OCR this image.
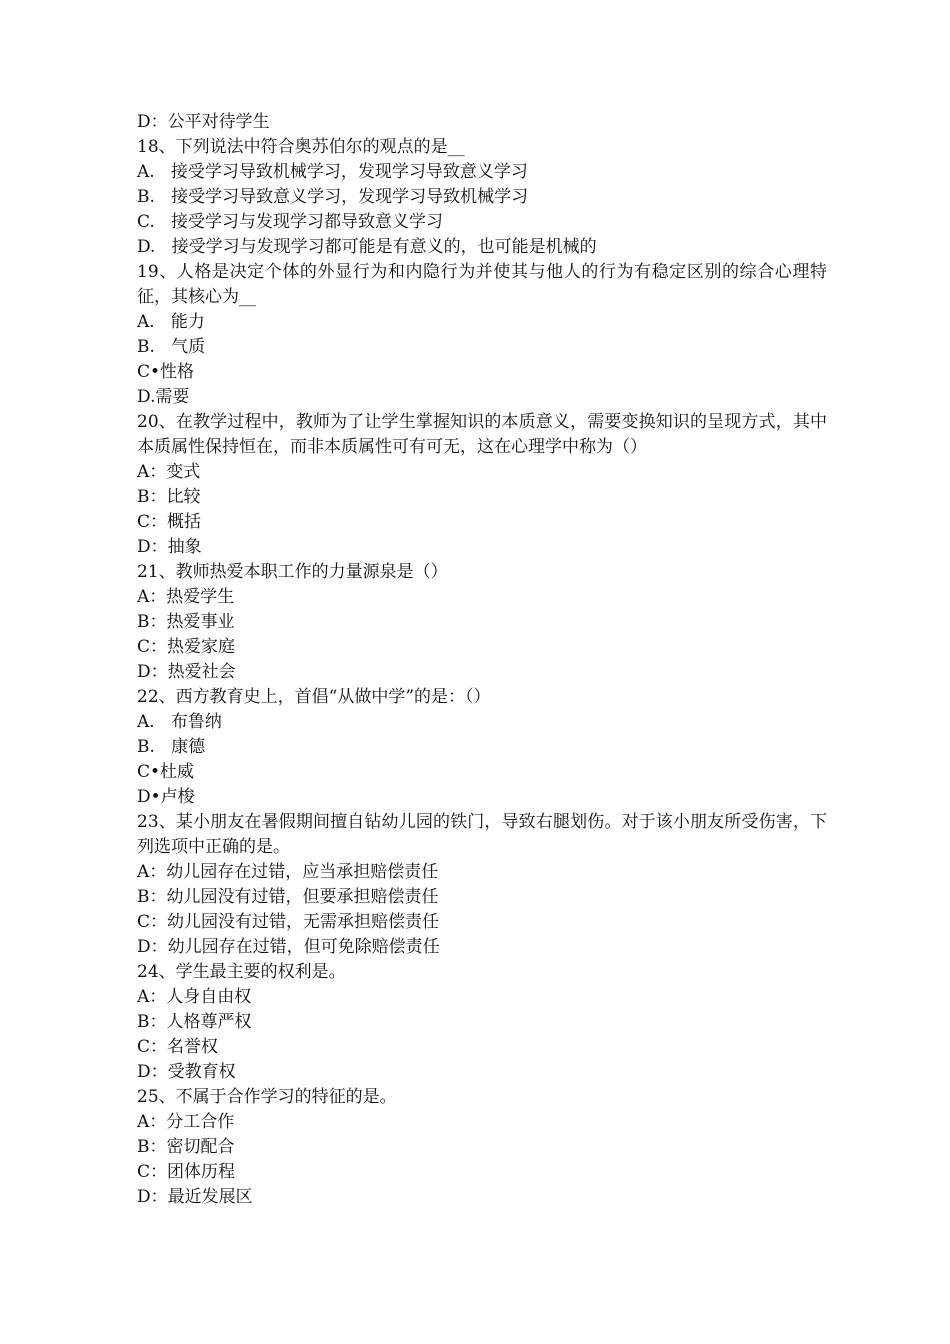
D：公平对待学生
18、下列说法中符合奥苏伯尔的观点的是__
A.   接受学习导致机械学习，发现学习导致意义学习
B.   接受学习导致意义学习，发现学习导致机械学习
C.   接受学习与发现学习都导致意义学习
D.   接受学习与发现学习都可能是有意义的，也可能是机械的
19、人格是决定个体的外显行为和内隐行为并使其与他人的行为有稳定区别的综合心理特征，其核心为__
A.   能力
B.   气质
C•性格
D.需要
20、在教学过程中，教师为了让学生掌握知识的本质意义，需要变换知识的呈现方式，其中本质属性保持恒在，而非本质属性可有可无，这在心理学中称为（）
A：变式
B：比较
C：概括
D：抽象
21、教师热爱本职工作的力量源泉是（）
A：热爱学生
B：热爱事业
C：热爱家庭
D：热爱社会
22、西方教育史上，首倡“从做中学”的是：（）
A.   布鲁纳
B.   康德
C•杜威
D•卢梭
23、某小朋友在暑假期间擅自钻幼儿园的铁门，导致右腿划伤。对于该小朋友所受伤害，下列选项中正确的是。
A：幼儿园存在过错，应当承担赔偿责任
B：幼儿园没有过错，但要承担赔偿责任
C：幼儿园没有过错，无需承担赔偿责任
D：幼儿园存在过错，但可免除赔偿责任
24、学生最主要的权利是。
A：人身自由权
B：人格尊严权
C：名誉权
D：受教育权
25、不属于合作学习的特征的是。
A：分工合作
B：密切配合
C：团体历程
D：最近发展区
